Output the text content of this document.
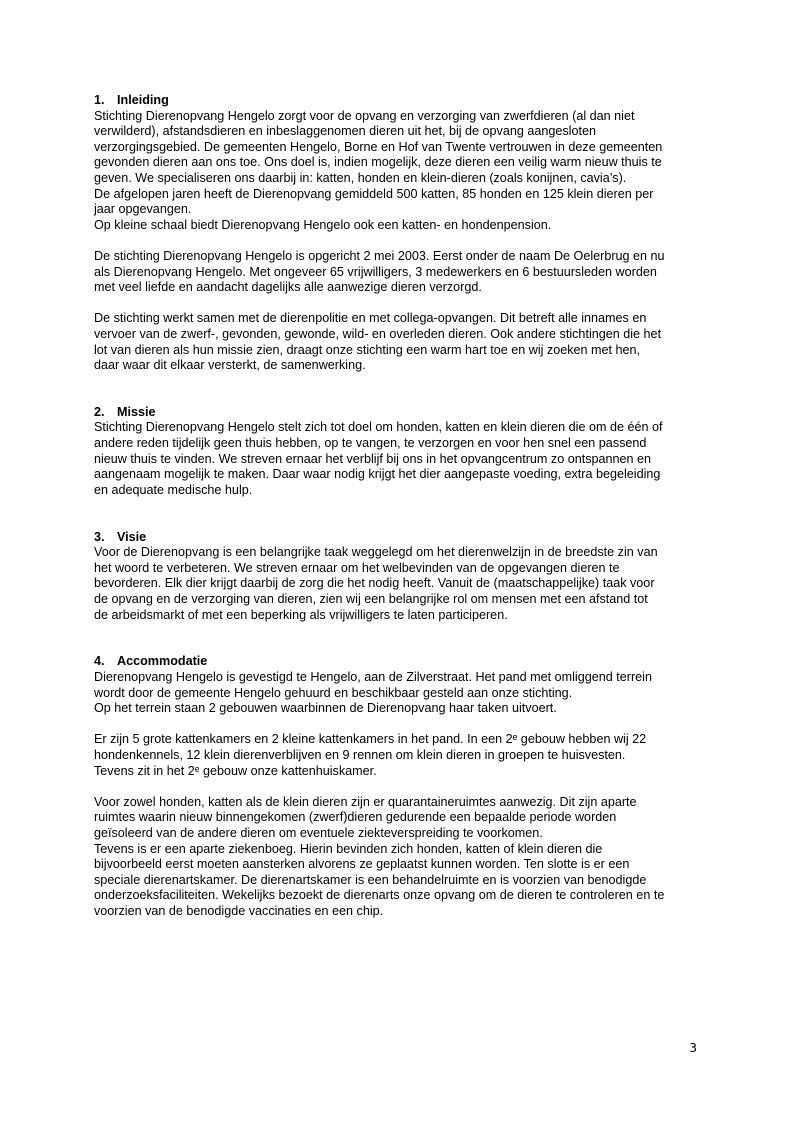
1. Inleiding

Stichting Dierenopvang Hengelo zorgt voor de opvang en verzorging van zwerfdieren (al dan niet
verwilderd), afstandsdieren en inbeslaggenomen dieren uit het, bij de opvang aangesloten
verzorgingsgebied. De gemeenten Hengelo, Borne en Hof van Twente vertrouwen in deze gemeenten
gevonden dieren aan ons toe. Ons doel is, indien mogelijk, deze dieren een veilig warm nieuw thuis te
geven. We specialiseren ons daarbij in: katten, honden en klein-dieren (zoals konijnen, cavia’s).
De afgelopen jaren heeft de Dierenopvang gemiddeld 500 katten, 85 honden en 125 klein dieren per
jaar opgevangen.
Op kleine schaal biedt Dierenopvang Hengelo ook een katten- en hondenpension.

De stichting Dierenopvang Hengelo is opgericht 2 mei 2003. Eerst onder de naam De Oelerbrug en nu
als Dierenopvang Hengelo. Met ongeveer 65 vrijwilligers, 3 medewerkers en 6 bestuursleden worden
met veel liefde en aandacht dagelijks alle aanwezige dieren verzorgd.

De stichting werkt samen met de dierenpolitie en met collega-opvangen. Dit betreft alle innames en
vervoer van de zwerf-, gevonden, gewonde, wild- en overleden dieren. Ook andere stichtingen die het
lot van dieren als hun missie zien, draagt onze stichting een warm hart toe en wij zoeken met hen,
daar waar dit elkaar versterkt, de samenwerking.

2. Missie

Stichting Dierenopvang Hengelo stelt zich tot doel om honden, katten en klein dieren die om de één of
andere reden tijdelijk geen thuis hebben, op te vangen, te verzorgen en voor hen snel een passend
nieuw thuis te vinden. We streven ernaar het verblijf bij ons in het opvangcentrum zo ontspannen en
aangenaam mogelijk te maken. Daar waar nodig krijgt het dier aangepaste voeding, extra begeleiding
en adequate medische hulp.

3. Visie

Voor de Dierenopvang is een belangrijke taak weggelegd om het dierenwelzijn in de breedste zin van
het woord te verbeteren. We streven ernaar om het welbevinden van de opgevangen dieren te
bevorderen. Elk dier krijgt daarbij de zorg die het nodig heeft. Vanuit de (maatschappelijke) taak voor
de opvang en de verzorging van dieren, zien wij een belangrijke rol om mensen met een afstand tot
de arbeidsmarkt of met een beperking als vrijwilligers te laten participeren.

4. Accommodatie

Dierenopvang Hengelo is gevestigd te Hengelo, aan de Zilverstraat. Het pand met omliggend terrein
wordt door de gemeente Hengelo gehuurd en beschikbaar gesteld aan onze stichting.
Op het terrein staan 2 gebouwen waarbinnen de Dierenopvang haar taken uitvoert.

Er zijn 5 grote kattenkamers en 2 kleine kattenkamers in het pand. In een 2ᵉ gebouw hebben wij 22
hondenkennels, 12 klein dierenverblijven en 9 rennen om klein dieren in groepen te huisvesten.
Tevens zit in het 2ᵉ gebouw onze kattenhuiskamer.

Voor zowel honden, katten als de klein dieren zijn er quarantaineruimtes aanwezig. Dit zijn aparte
ruimtes waarin nieuw binnengekomen (zwerf)dieren gedurende een bepaalde periode worden
geïsoleerd van de andere dieren om eventuele ziekteverspreiding te voorkomen.
Tevens is er een aparte ziekenboeg. Hierin bevinden zich honden, katten of klein dieren die
bijvoorbeeld eerst moeten aansterken alvorens ze geplaatst kunnen worden. Ten slotte is er een
speciale dierenartskamer. De dierenartskamer is een behandelruimte en is voorzien van benodigde
onderzoeksfaciliteiten. Wekelijks bezoekt de dierenarts onze opvang om de dieren te controleren en te
voorzien van de benodigde vaccinaties en een chip.

3
